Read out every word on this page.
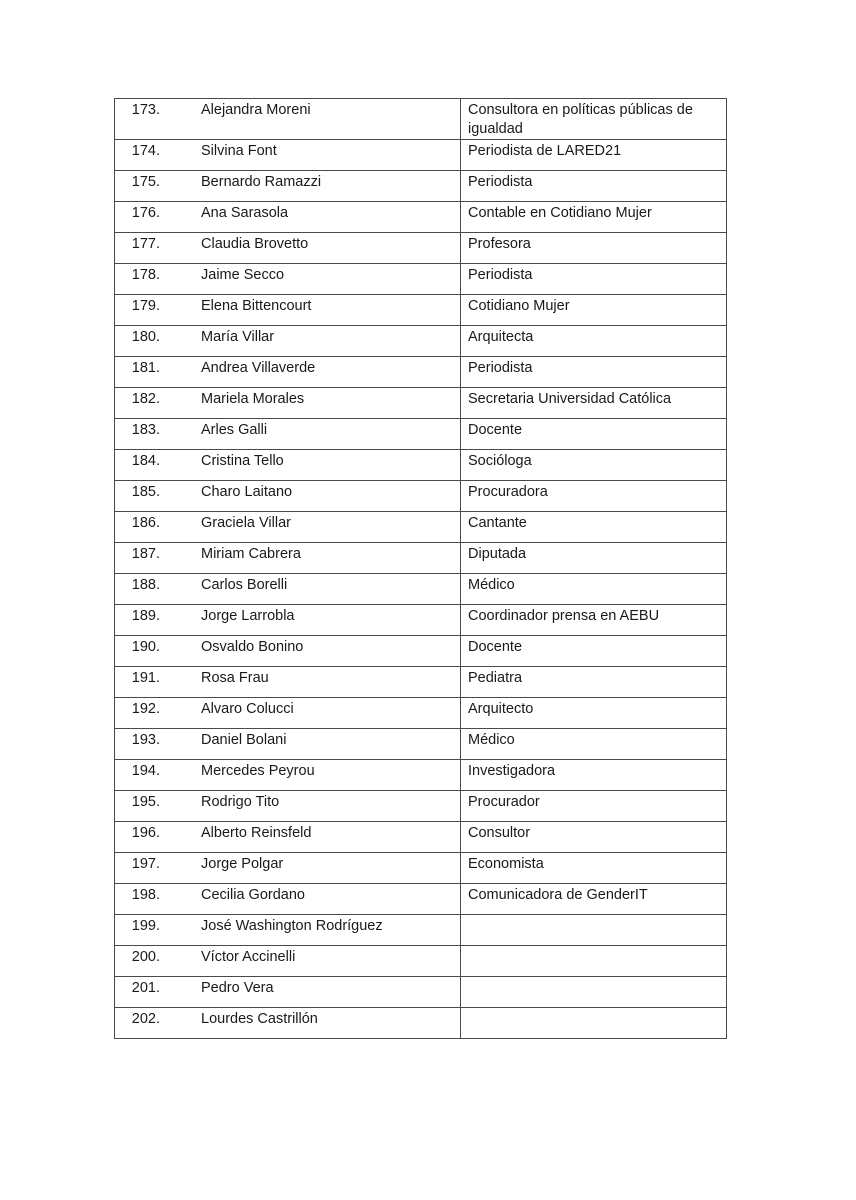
173. Alejandra Moreni	Consultora en políticas públicas de igualdad
174. Silvina Font	Periodista de LARED21
175. Bernardo Ramazzi	Periodista
176. Ana Sarasola	Contable en Cotidiano Mujer
177. Claudia Brovetto	Profesora
178. Jaime Secco	Periodista
179. Elena Bittencourt	Cotidiano Mujer
180. María Villar	Arquitecta
181. Andrea Villaverde	Periodista
182. Mariela Morales	Secretaria Universidad Católica
183. Arles Galli	Docente
184. Cristina Tello	Socióloga
185. Charo Laitano	Procuradora
186. Graciela Villar	Cantante
187. Miriam Cabrera	Diputada
188. Carlos Borelli	Médico
189. Jorge Larrobla	Coordinador prensa en AEBU
190. Osvaldo Bonino	Docente
191. Rosa Frau	Pediatra
192. Alvaro Colucci	Arquitecto
193. Daniel Bolani	Médico
194. Mercedes Peyrou	Investigadora
195. Rodrigo Tito	Procurador
196. Alberto Reinsfeld	Consultor
197. Jorge Polgar	Economista
198. Cecilia Gordano	Comunicadora de GenderIT
199. José Washington Rodríguez	
200. Víctor Accinelli	
201. Pedro Vera	
202. Lourdes Castrillón	
